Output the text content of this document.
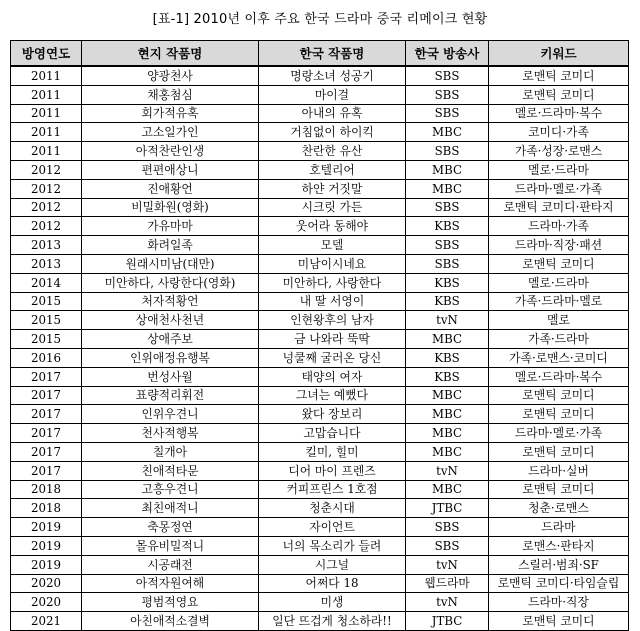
[표-1] 2010년 이후 주요 한국 드라마 중국 리메이크 현황
방영연도	현지 작품명	한국 작품명	한국 방송사	키워드
2011	양광천사	명랑소녀 성공기	SBS	로맨틱 코미디
2011	채홍첨심	마이걸	SBS	로맨틱 코미디
2011	회가적유혹	아내의 유혹	SBS	멜로·드라마·복수
2011	고소일가인	거침없이 하이킥	MBC	코미디·가족
2011	아적찬란인생	찬란한 유산	SBS	가족·성장·로맨스
2012	편편애상니	호텔리어	MBC	멜로·드라마
2012	진애황언	하얀 거짓말	MBC	드라마·멜로·가족
2012	비밀화원(영화)	시크릿 가든	SBS	로맨틱 코미디·판타지
2012	가유마마	웃어라 동해야	KBS	드라마·가족
2013	화려일족	모델	SBS	드라마·직장·패션
2013	원래시미남(대만)	미남이시네요	SBS	로맨틱 코미디
2014	미안하다, 사랑한다(영화)	미안하다, 사랑한다	KBS	멜로·드라마
2015	처자적황언	내 딸 서영이	KBS	가족·드라마·멜로
2015	상애천사천년	인현왕후의 남자	tvN	멜로
2015	상애주보	금 나와라 뚝딱	MBC	가족·드라마
2016	인위애정유행복	넝쿨째 굴러온 당신	KBS	가족·로맨스·코미디
2017	번성사월	태양의 여자	KBS	멜로·드라마·복수
2017	표량적리휘전	그녀는 예뻤다	MBC	로맨틱 코미디
2017	인위우견니	왔다 장보리	MBC	로맨틱 코미디
2017	천사적행복	고맙습니다	MBC	드라마·멜로·가족
2017	칠개아	킬미, 힐미	MBC	로맨틱 코미디
2017	친애적타문	디어 마이 프렌즈	tvN	드라마·실버
2018	고흥우견니	커피프린스 1호점	MBC	로맨틱 코미디
2018	최친애적니	청춘시대	JTBC	청춘·로맨스
2019	축몽정연	자이언트	SBS	드라마
2019	몰유비밀적니	너의 목소리가 들려	SBS	로맨스·판타지
2019	시공래전	시그널	tvN	스릴러·범죄·SF
2020	아적자원여해	어쩌다 18	웹드라마	로맨틱 코미디·타임슬립
2020	평범적영요	미생	tvN	드라마·직장
2021	아친애적소결벽	일단 뜨겁게 청소하라!!	JTBC	로맨틱 코미디
